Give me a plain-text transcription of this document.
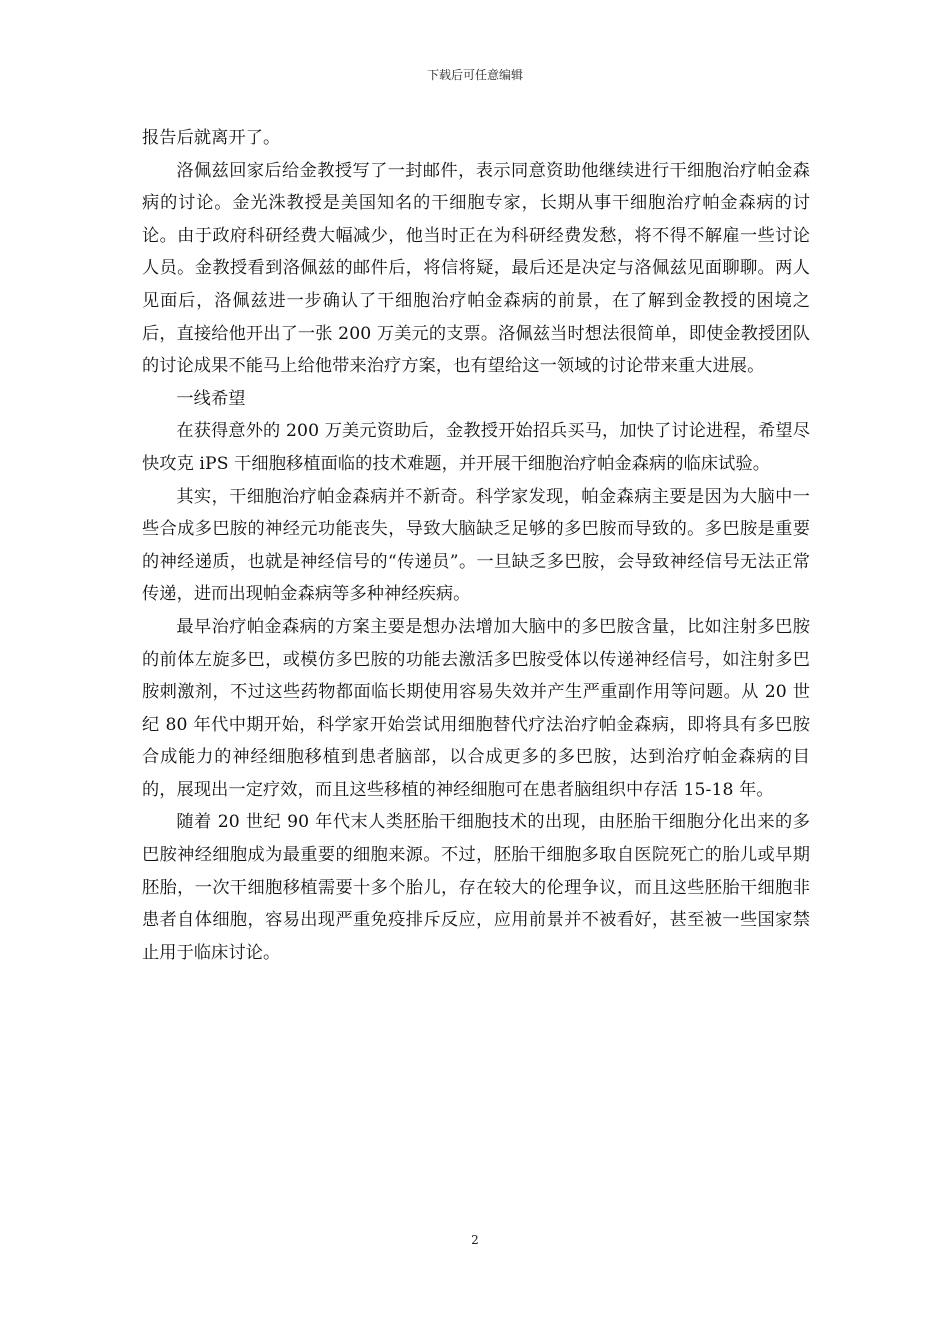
下载后可任意编辑

报告后就离开了。

洛佩兹回家后给金教授写了一封邮件，表示同意资助他继续进行干细胞治疗帕金森病的讨论。金光洙教授是美国知名的干细胞专家，长期从事干细胞治疗帕金森病的讨论。由于政府科研经费大幅减少，他当时正在为科研经费发愁，将不得不解雇一些讨论人员。金教授看到洛佩兹的邮件后，将信将疑，最后还是决定与洛佩兹见面聊聊。两人见面后，洛佩兹进一步确认了干细胞治疗帕金森病的前景，在了解到金教授的困境之后，直接给他开出了一张 200 万美元的支票。洛佩兹当时想法很简单，即使金教授团队的讨论成果不能马上给他带来治疗方案，也有望给这一领域的讨论带来重大进展。

一线希望

在获得意外的 200 万美元资助后，金教授开始招兵买马，加快了讨论进程，希望尽快攻克 iPS 干细胞移植面临的技术难题，并开展干细胞治疗帕金森病的临床试验。

其实，干细胞治疗帕金森病并不新奇。科学家发现，帕金森病主要是因为大脑中一些合成多巴胺的神经元功能丧失，导致大脑缺乏足够的多巴胺而导致的。多巴胺是重要的神经递质，也就是神经信号的“传递员”。一旦缺乏多巴胺，会导致神经信号无法正常传递，进而出现帕金森病等多种神经疾病。

最早治疗帕金森病的方案主要是想办法增加大脑中的多巴胺含量，比如注射多巴胺的前体左旋多巴，或模仿多巴胺的功能去激活多巴胺受体以传递神经信号，如注射多巴胺刺激剂，不过这些药物都面临长期使用容易失效并产生严重副作用等问题。从 20 世纪 80 年代中期开始，科学家开始尝试用细胞替代疗法治疗帕金森病，即将具有多巴胺合成能力的神经细胞移植到患者脑部，以合成更多的多巴胺，达到治疗帕金森病的目的，展现出一定疗效，而且这些移植的神经细胞可在患者脑组织中存活 15-18 年。

随着 20 世纪 90 年代末人类胚胎干细胞技术的出现，由胚胎干细胞分化出来的多巴胺神经细胞成为最重要的细胞来源。不过，胚胎干细胞多取自医院死亡的胎儿或早期胚胎，一次干细胞移植需要十多个胎儿，存在较大的伦理争议，而且这些胚胎干细胞非患者自体细胞，容易出现严重免疫排斥反应，应用前景并不被看好，甚至被一些国家禁止用于临床讨论。

2
